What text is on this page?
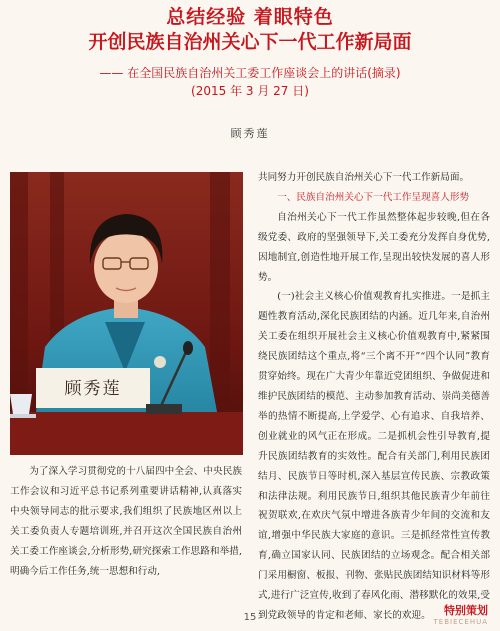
总结经验 着眼特色
开创民族自治州关心下一代工作新局面
—— 在全国民族自治州关工委工作座谈会上的讲话(摘录)
(2015 年 3 月 27 日)
顾秀莲
顾秀莲

为了深入学习贯彻党的十八届四中全会、中央民族工作会议和习近平总书记系列重要讲话精神,认真落实中央领导同志的批示要求,我们组织了民族地区州以上关工委负责人专题培训班,并召开这次全国民族自治州关工委工作座谈会,分析形势,研究探索工作思路和举措,明确今后工作任务,统一思想和行动,

共同努力开创民族自治州关心下一代工作新局面。

一、民族自治州关心下一代工作呈现喜人形势

自治州关心下一代工作虽然整体起步较晚,但在各级党委、政府的坚强领导下,关工委充分发挥自身优势,因地制宜,创造性地开展工作,呈现出较快发展的喜人形势。

(一)社会主义核心价值观教育扎实推进。一是抓主题性教育活动,深化民族团结的内涵。近几年来,自治州关工委在组织开展社会主义核心价值观教育中,紧紧围绕民族团结这个重点,将“三个离不开”“四个认同”教育贯穿始终。现在广大青少年靠近党团组织、争做促进和维护民族团结的模范、主动参加教育活动、崇尚美德善举的热情不断提高,上学爱学、心有追求、自我培养、创业就业的风气正在形成。二是抓机会性引导教育,提升民族团结教育的实效性。配合有关部门,利用民族团结月、民族节日等时机,深入基层宣传民族、宗教政策和法律法规。利用民族节日,组织其他民族青少年前往祝贺联欢,在欢庆气氛中增进各族青少年间的交流和友谊,增强中华民族大家庭的意识。三是抓经常性宣传教育,确立国家认同、民族团结的立场观念。配合相关部门采用橱窗、板报、刊物、张贴民族团结知识材料等形式,进行广泛宣传,收到了春风化雨、潜移默化的效果,受到党政领导的肯定和老师、家长的欢迎。

15
特别策划
TEBIECEHUA
